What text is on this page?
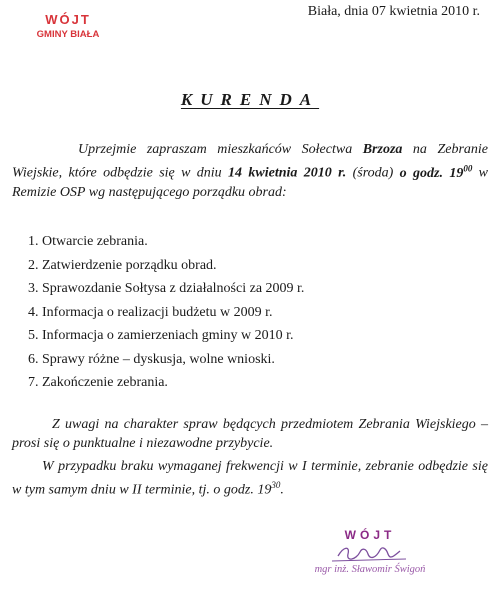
WÓJT
GMINY BIAŁA
Biała, dnia 07 kwietnia 2010 r.
KURENDA

Uprzejmie zapraszam mieszkańców Sołectwa Brzoza na Zebranie Wiejskie, które odbędzie się w dniu 14 kwietnia 2010 r. (środa) o godz. $19^{00}$ w Remizie OSP wg następującego porządku obrad:

1. Otwarcie zebrania.
2. Zatwierdzenie porządku obrad.
3. Sprawozdanie Sołtysa z działalności za 2009 r.
4. Informacja o realizacji budżetu w 2009 r.
5. Informacja o zamierzeniach gminy w 2010 r.
6. Sprawy różne – dyskusja, wolne wnioski.
7. Zakończenie zebrania.

Z uwagi na charakter spraw będących przedmiotem Zebrania Wiejskiego – prosi się o punktualne i niezawodne przybycie.

W przypadku braku wymaganej frekwencji w I terminie, zebranie odbędzie się w tym samym dniu w II terminie, tj. o godz. $19^{30}$.

WÓJT
mgr inż. Sławomir Świgoń
